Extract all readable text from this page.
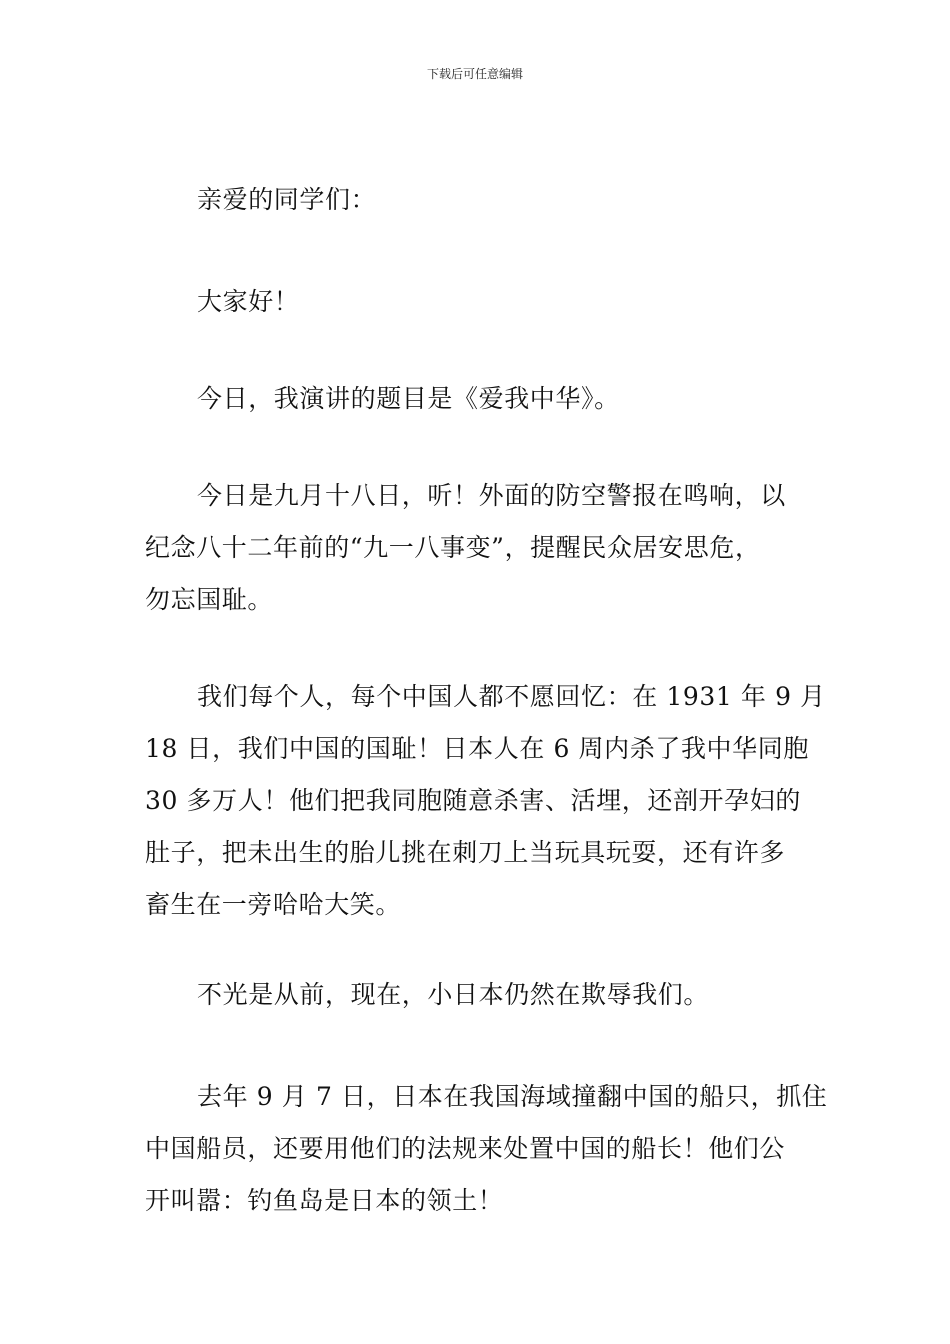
下载后可任意编辑
亲爱的同学们：
大家好！
今日，我演讲的题目是《爱我中华》。
今日是九月十八日，听！外面的防空警报在鸣响，以
纪念八十二年前的“九一八事变”，提醒民众居安思危，
勿忘国耻。
我们每个人，每个中国人都不愿回忆：在 1931 年 9 月
18 日，我们中国的国耻！日本人在 6 周内杀了我中华同胞
30 多万人！他们把我同胞随意杀害、活埋，还剖开孕妇的
肚子，把未出生的胎儿挑在刺刀上当玩具玩耍，还有许多
畜生在一旁哈哈大笑。
不光是从前，现在，小日本仍然在欺辱我们。
去年 9 月 7 日，日本在我国海域撞翻中国的船只，抓住
中国船员，还要用他们的法规来处置中国的船长！他们公
开叫嚣：钓鱼岛是日本的领土！
